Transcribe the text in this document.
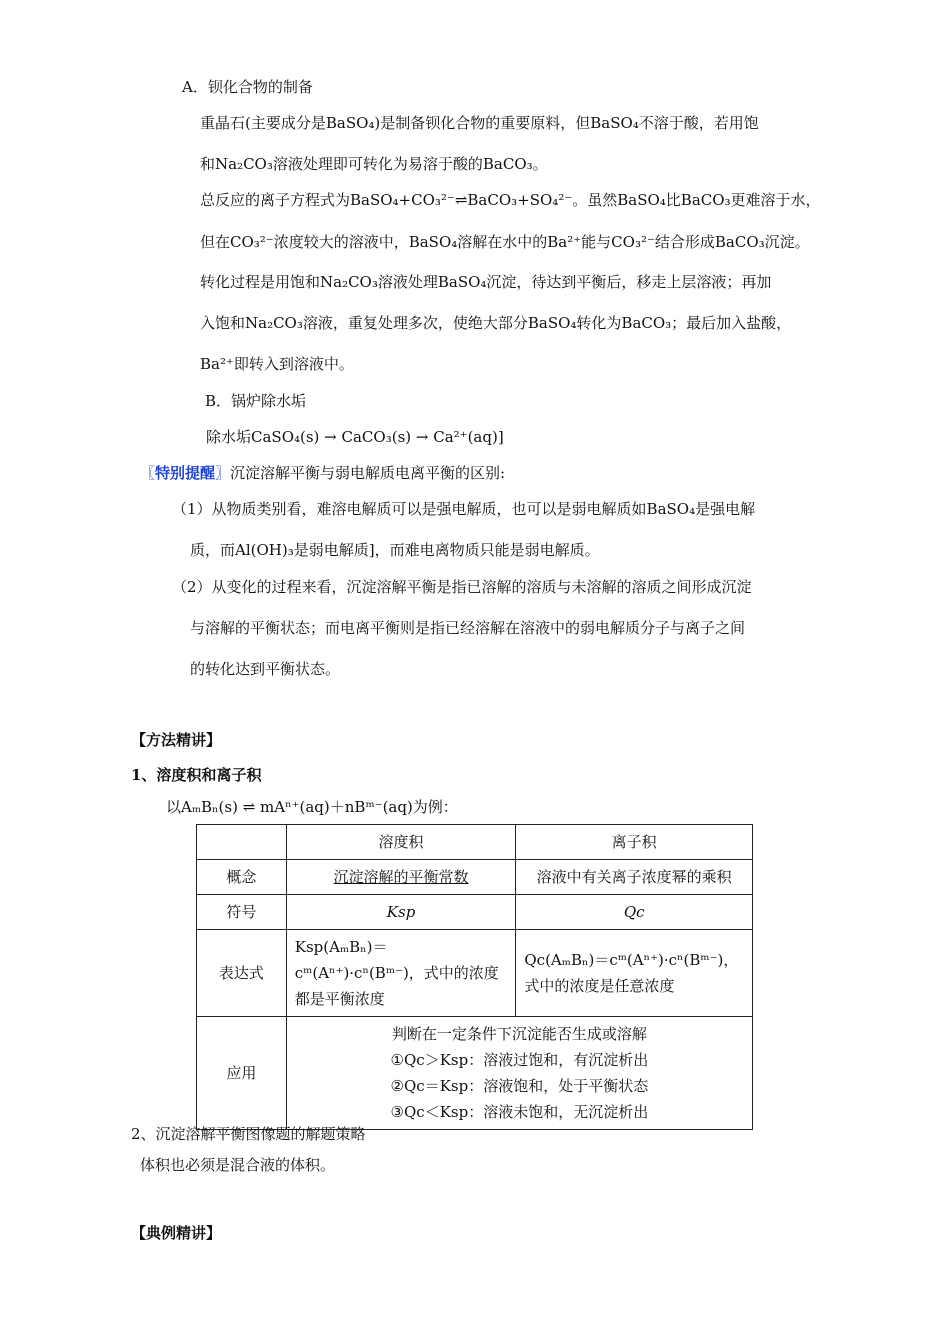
A．钡化合物的制备
重晶石(主要成分是BaSO₄)是制备钡化合物的重要原料，但BaSO₄不溶于酸，若用饱
和Na₂CO₃溶液处理即可转化为易溶于酸的BaCO₃。
总反应的离子方程式为BaSO₄+CO₃²⁻⇌BaCO₃+SO₄²⁻。虽然BaSO₄比BaCO₃更难溶于水，
但在CO₃²⁻浓度较大的溶液中，BaSO₄溶解在水中的Ba²⁺能与CO₃²⁻结合形成BaCO₃沉淀。
转化过程是用饱和Na₂CO₃溶液处理BaSO₄沉淀，待达到平衡后，移走上层溶液；再加
入饱和Na₂CO₃溶液，重复处理多次，使绝大部分BaSO₄转化为BaCO₃；最后加入盐酸，
Ba²⁺即转入到溶液中。
B．锅炉除水垢
除水垢CaSO₄(s) → CaCO₃(s) → Ca²⁺(aq)]
〖特别提醒〗沉淀溶解平衡与弱电解质电离平衡的区别:
（1）从物质类别看，难溶电解质可以是强电解质，也可以是弱电解质如BaSO₄是强电解
质，而Al(OH)₃是弱电解质]，而难电离物质只能是弱电解质。
（2）从变化的过程来看，沉淀溶解平衡是指已溶解的溶质与未溶解的溶质之间形成沉淀
与溶解的平衡状态；而电离平衡则是指已经溶解在溶液中的弱电解质分子与离子之间
的转化达到平衡状态。
【方法精讲】
1、溶度积和离子积
以AₘBₙ(s) ⇌ mAⁿ⁺(aq)＋nBᵐ⁻(aq)为例：
	溶度积	离子积
概念	沉淀溶解的平衡常数	溶液中有关离子浓度幂的乘积
符号	Ksp	Qc
表达式	Ksp(AₘBₙ)＝cᵐ(Aⁿ⁺)·cⁿ(Bᵐ⁻)，式中的浓度都是平衡浓度	Qc(AₘBₙ)＝cᵐ(Aⁿ⁺)·cⁿ(Bᵐ⁻)，式中的浓度是任意浓度
应用	判断在一定条件下沉淀能否生成或溶解
①Qc＞Ksp：溶液过饱和，有沉淀析出
②Qc＝Ksp：溶液饱和，处于平衡状态
③Qc＜Ksp：溶液未饱和，无沉淀析出	
2、沉淀溶解平衡图像题的解题策略
体积也必须是混合液的体积。
【典例精讲】
